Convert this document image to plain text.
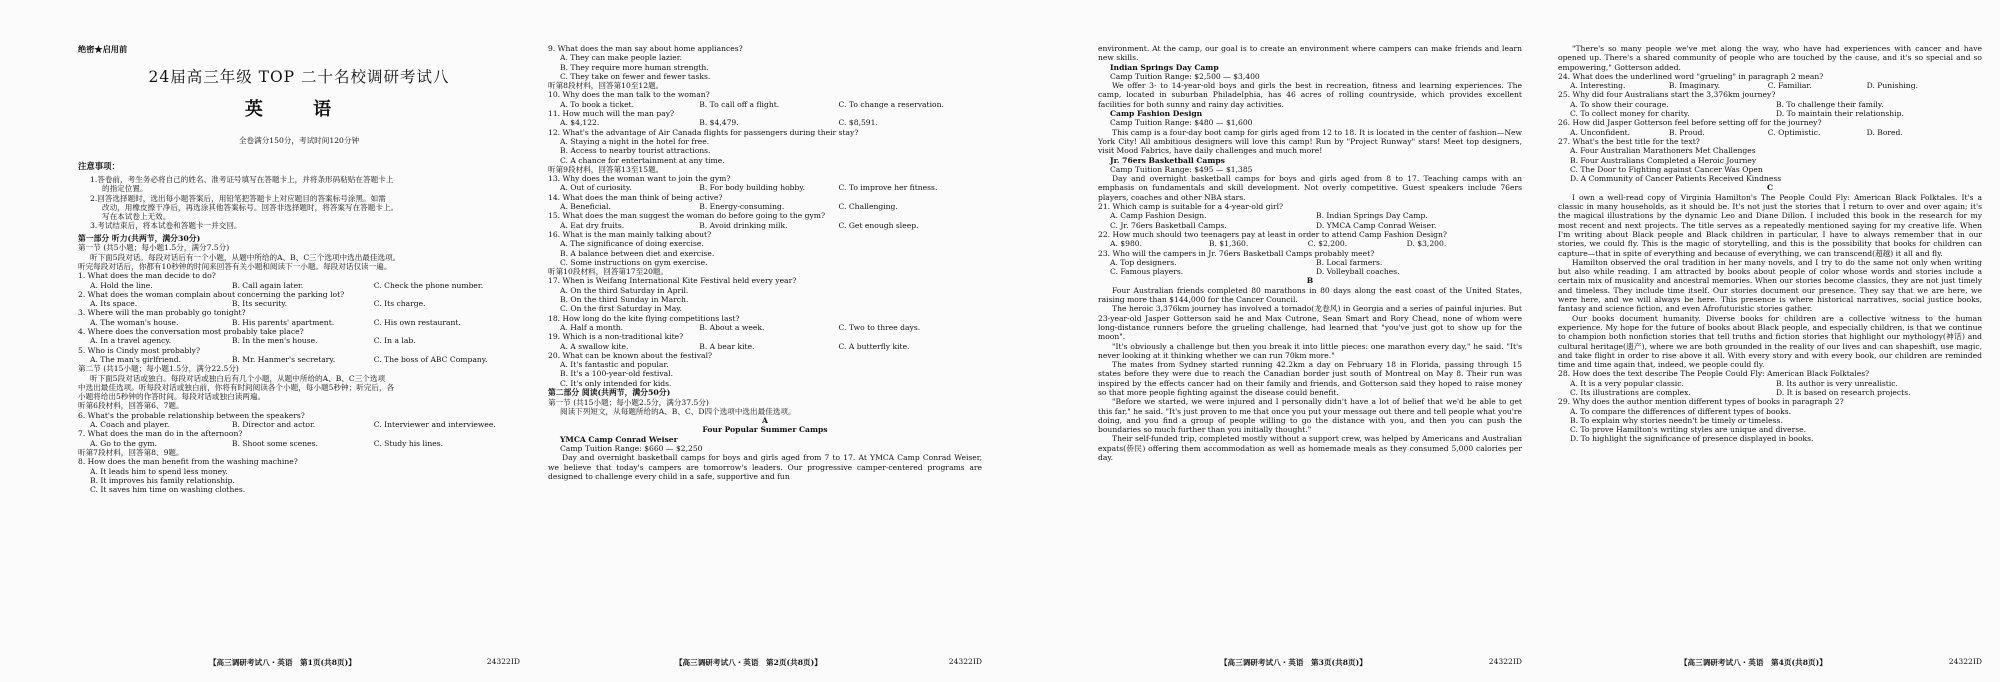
绝密★启用前
24届高三年级 TOP 二十名校调研考试八
英 语
全卷满分150分，考试时间120分钟
注意事项：
1.答卷前，考生务必将自己的姓名、准考证号填写在答题卡上，并将条形码粘贴在答题卡上
的指定位置。
2.回答选择题时，选出每小题答案后，用铅笔把答题卡上对应题目的答案标号涂黑。如需
改动，用橡皮擦干净后，再选涂其他答案标号。回答非选择题时，将答案写在答题卡上。
写在本试卷上无效。
3.考试结束后，将本试卷和答题卡一并交回。
第一部分 听力(共两节，满分30分)
第一节 (共5小题；每小题1.5分，满分7.5分)
听下面5段对话。每段对话后有一个小题，从题中所给的A、B、C三个选项中选出最佳选项。
听完每段对话后，你都有10秒钟的时间来回答有关小题和阅读下一小题。每段对话仅读一遍。
1. What does the man decide to do?
A. Hold the line.	B. Call again later.	C. Check the phone number.
2. What does the woman complain about concerning the parking lot?
A. Its space.	B. Its security.	C. Its charge.
3. Where will the man probably go tonight?
A. The woman's house.	B. His parents' apartment.	C. His own restaurant.
4. Where does the conversation most probably take place?
A. In a travel agency.	B. In the men's house.	C. In a lab.
5. Who is Cindy most probably?
A. The man's girlfriend.	B. Mr. Hanmer's secretary.	C. The boss of ABC Company.
第二节 (共15小题；每小题1.5分，满分22.5分)
听下面5段对话或独白。每段对话或独白后有几个小题，从题中所给的A、B、C三个选项
中选出最佳选项。听每段对话或独白前，你将有时间阅读各个小题，每小题5秒钟；听完后，各
小题将给出5秒钟的作答时间。每段对话或独白读两遍。
听第6段材料，回答第6、7题。
6. What's the probable relationship between the speakers?
A. Coach and player.	B. Director and actor.	C. Interviewer and interviewee.
7. What does the man do in the afternoon?
A. Go to the gym.	B. Shoot some scenes.	C. Study his lines.
听第7段材料，回答第8、9题。
8. How does the man benefit from the washing machine?
A. It leads him to spend less money.
B. It improves his family relationship.
C. It saves him time on washing clothes.
【高三调研考试八・英语　第1页(共8页)】	24322ID
9. What does the man say about home appliances?
A. They can make people lazier.
B. They require more human strength.
C. They take on fewer and fewer tasks.
听第8段材料，回答第10至12题。
10. Why does the man talk to the woman?
A. To book a ticket.	B. To call off a flight.	C. To change a reservation.
11. How much will the man pay?
A. $4,122.	B. $4,479.	C. $8,591.
12. What's the advantage of Air Canada flights for passengers during their stay?
A. Staying a night in the hotel for free.
B. Access to nearby tourist attractions.
C. A chance for entertainment at any time.
听第9段材料，回答第13至15题。
13. Why does the woman want to join the gym?
A. Out of curiosity.	B. For body building hobby.	C. To improve her fitness.
14. What does the man think of being active?
A. Beneficial.	B. Energy-consuming.	C. Challenging.
15. What does the man suggest the woman do before going to the gym?
A. Eat dry fruits.	B. Avoid drinking milk.	C. Get enough sleep.
16. What is the man mainly talking about?
A. The significance of doing exercise.
B. A balance between diet and exercise.
C. Some instructions on gym exercise.
听第10段材料，回答第17至20题。
17. When is Weifang International Kite Festival held every year?
A. On the third Saturday in April.
B. On the third Sunday in March.
C. On the first Saturday in May.
18. How long do the kite flying competitions last?
A. Half a month.	B. About a week.	C. Two to three days.
19. Which is a non-traditional kite?
A. A swallow kite.	B. A bear kite.	C. A butterfly kite.
20. What can be known about the festival?
A. It's fantastic and popular.
B. It's a 100-year-old festival.
C. It's only intended for kids.
第二部分 阅读(共两节，满分50分)
第一节 (共15小题；每小题2.5分，满分37.5分)
阅读下列短文，从每题所给的A、B、C、D四个选项中选出最佳选项。
A
Four Popular Summer Camps
YMCA Camp Conrad Weiser
Camp Tuition Range: $660 — $2,250
Day and overnight basketball camps for boys and girls aged from 7 to 17. At YMCA Camp Conrad Weiser, we believe that today's campers are tomorrow's leaders. Our progressive camper-centered programs are designed to challenge every child in a safe, supportive and fun
【高三调研考试八・英语　第2页(共8页)】	24322ID
environment. At the camp, our goal is to create an environment where campers can make friends and learn new skills.
Indian Springs Day Camp
Camp Tuition Range: $2,500 — $3,400
We offer 3- to 14-year-old boys and girls the best in recreation, fitness and learning experiences. The camp, located in suburban Philadelphia, has 46 acres of rolling countryside, which provides excellent facilities for both sunny and rainy day activities.
Camp Fashion Design
Camp Tuition Range: $480 — $1,600
This camp is a four-day boot camp for girls aged from 12 to 18. It is located in the center of fashion—New York City! All ambitious designers will love this camp! Run by "Project Runway" stars! Meet top designers, visit Mood Fabrics, have daily challenges and much more!
Jr. 76ers Basketball Camps
Camp Tuition Range: $495 — $1,385
Day and overnight basketball camps for boys and girls aged from 8 to 17. Teaching camps with an emphasis on fundamentals and skill development. Not overly competitive. Guest speakers include 76ers players, coaches and other NBA stars.
21. Which camp is suitable for a 4-year-old girl?
A. Camp Fashion Design.	B. Indian Springs Day Camp.
C. Jr. 76ers Basketball Camps.	D. YMCA Camp Conrad Weiser.
22. How much should two teenagers pay at least in order to attend Camp Fashion Design?
A. $980.	B. $1,360.	C. $2,200.	D. $3,200.
23. Who will the campers in Jr. 76ers Basketball Camps probably meet?
A. Top designers.	B. Local farmers.
C. Famous players.	D. Volleyball coaches.
B
Four Australian friends completed 80 marathons in 80 days along the east coast of the United States, raising more than $144,000 for the Cancer Council.
The heroic 3,376km journey has involved a tornado(龙卷风) in Georgia and a series of painful injuries. But 23-year-old Jasper Gotterson said he and Max Cutrone, Sean Smart and Rory Chead, none of whom were long-distance runners before the grueling challenge, had learned that "you've just got to show up for the moon".
"It's obviously a challenge but then you break it into little pieces: one marathon every day," he said. "It's never looking at it thinking whether we can run 70km more."
The mates from Sydney started running 42.2km a day on February 18 in Florida, passing through 15 states before they were due to reach the Canadian border just south of Montreal on May 8. Their run was inspired by the effects cancer had on their family and friends, and Gotterson said they hoped to raise money so that more people fighting against the disease could benefit.
"Before we started, we were injured and I personally didn't have a lot of belief that we'd be able to get this far," he said. "It's just proven to me that once you put your message out there and tell people what you're doing, and you find a group of people willing to go the distance with you, and then you can push the boundaries so much further than you initially thought."
Their self-funded trip, completed mostly without a support crew, was helped by Americans and Australian expats(侨民) offering them accommodation as well as homemade meals as they consumed 5,000 calories per day.
【高三调研考试八・英语　第3页(共8页)】	24322ID
"There's so many people we've met along the way, who have had experiences with cancer and have opened up. There's a shared community of people who are touched by the cause, and it's so special and so empowering," Gotterson added.
24. What does the underlined word "grueling" in paragraph 2 mean?
A. Interesting.	B. Imaginary.	C. Familiar.	D. Punishing.
25. Why did four Australians start the 3,376km journey?
A. To show their courage.	B. To challenge their family.
C. To collect money for charity.	D. To maintain their relationship.
26. How did Jasper Gotterson feel before setting off for the journey?
A. Unconfident.	B. Proud.	C. Optimistic.	D. Bored.
27. What's the best title for the text?
A. Four Australian Marathoners Met Challenges
B. Four Australians Completed a Heroic Journey
C. The Door to Fighting against Cancer Was Open
D. A Community of Cancer Patients Received Kindness
C
I own a well-read copy of Virginia Hamilton's The People Could Fly: American Black Folktales. It's a classic in many households, as it should be. It's not just the stories that I return to over and over again; it's the magical illustrations by the dynamic Leo and Diane Dillon. I included this book in the research for my most recent and next projects. The title serves as a repeatedly mentioned saying for my creative life. When I'm writing about Black people and Black children in particular, I have to always remember that in our stories, we could fly. This is the magic of storytelling, and this is the possibility that books for children can capture—that in spite of everything and because of everything, we can transcend(超越) it all and fly.
Hamilton observed the oral tradition in her many novels, and I try to do the same not only when writing but also while reading. I am attracted by books about people of color whose words and stories include a certain mix of musicality and ancestral memories. When our stories become classics, they are not just timely and timeless. They include time itself. Our stories document our presence. They say that we are here, we were here, and we will always be here. This presence is where historical narratives, social justice books, fantasy and science fiction, and even Afrofuturistic stories gather.
Our books document humanity. Diverse books for children are a collective witness to the human experience. My hope for the future of books about Black people, and especially children, is that we continue to champion both nonfiction stories that tell truths and fiction stories that highlight our mythology(神话) and cultural heritage(遗产), where we are both grounded in the reality of our lives and can shapeshift, use magic, and take flight in order to rise above it all. With every story and with every book, our children are reminded time and time again that, indeed, we people could fly.
28. How does the text describe The People Could Fly: American Black Folktales?
A. It is a very popular classic.	B. Its author is very unrealistic.
C. Its illustrations are complex.	D. It is based on research projects.
29. Why does the author mention different types of books in paragraph 2?
A. To compare the differences of different types of books.
B. To explain why stories needn't be timely or timeless.
C. To prove Hamilton's writing styles are unique and diverse.
D. To highlight the significance of presence displayed in books.
【高三调研考试八・英语　第4页(共8页)】	24322ID
